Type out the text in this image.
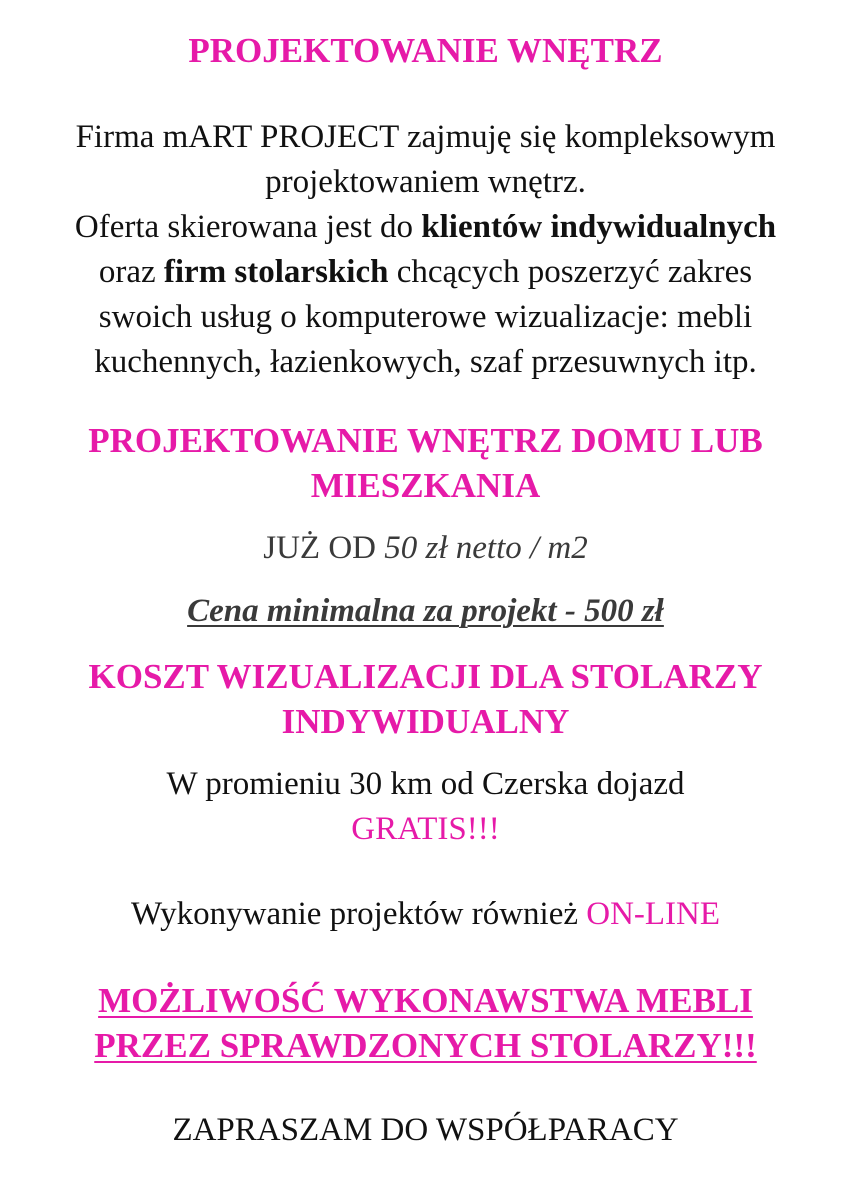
PROJEKTOWANIE WNĘTRZ
Firma mART PROJECT zajmuję się kompleksowym
projektowaniem wnętrz.
Oferta skierowana jest do klientów indywidualnych
oraz firm stolarskich chcących poszerzyć zakres
swoich usług o komputerowe wizualizacje: mebli
kuchennych, łazienkowych, szaf przesuwnych itp.
PROJEKTOWANIE WNĘTRZ DOMU LUB
MIESZKANIA
JUŻ OD 50 zł netto / m2
Cena minimalna za projekt - 500 zł
KOSZT WIZUALIZACJI DLA STOLARZY
INDYWIDUALNY
W promieniu 30 km od Czerska dojazd
GRATIS!!!
Wykonywanie projektów również ON-LINE
MOŻLIWOŚĆ WYKONAWSTWA MEBLI
PRZEZ SPRAWDZONYCH STOLARZY!!!
ZAPRASZAM DO WSPÓŁPARACY
